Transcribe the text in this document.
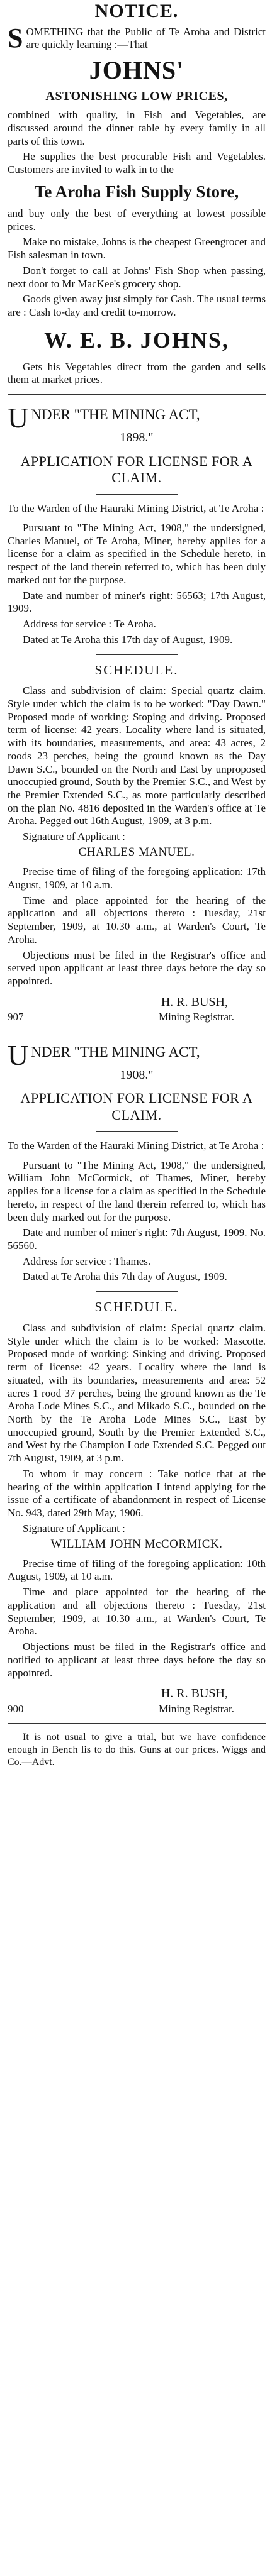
NOTICE.

SOMETHING that the Public of Te Aroha and District are quickly learning :—That

JOHNS'
ASTONISHING LOW PRICES,

combined with quality, in Fish and Vegetables, are discussed around the dinner table by every family in all parts of this town.

He supplies the best procurable Fish and Vegetables. Customers are invited to walk in to the

Te Aroha Fish Supply Store,

and buy only the best of everything at lowest possible prices.

Make no mistake, Johns is the cheapest Greengrocer and Fish salesman in town.

Don't forget to call at Johns' Fish Shop when passing, next door to Mr MacKee's grocery shop.

Goods given away just simply for Cash. The usual terms are : Cash to-day and credit to-morrow.

W. E. B. JOHNS,

Gets his Vegetables direct from the garden and sells them at market prices.

UNDER "THE MINING ACT,
1898."
APPLICATION FOR LICENSE FOR A CLAIM.

To the Warden of the Hauraki Mining District, at Te Aroha :

Pursuant to "The Mining Act, 1908," the undersigned, Charles Manuel, of Te Aroha, Miner, hereby applies for a license for a claim as specified in the Schedule hereto, in respect of the land therein referred to, which has been duly marked out for the purpose.

Date and number of miner's right: 56563; 17th August, 1909.

Address for service : Te Aroha.

Dated at Te Aroha this 17th day of August, 1909.

SCHEDULE.

Class and subdivision of claim: Special quartz claim. Style under which the claim is to be worked: "Day Dawn." Proposed mode of working: Stoping and driving. Proposed term of license: 42 years. Locality where land is situated, with its boundaries, measurements, and area: 43 acres, 2 roods 23 perches, being the ground known as the Day Dawn S.C., bounded on the North and East by unproposed unoccupied ground, South by the Premier S.C., and West by the Premier Extended S.C., as more particularly described on the plan No. 4816 deposited in the Warden's office at Te Aroha. Pegged out 16th August, 1909, at 3 p.m.

Signature of Applicant :

CHARLES MANUEL.

Precise time of filing of the foregoing application: 17th August, 1909, at 10 a.m.

Time and place appointed for the hearing of the application and all objections thereto : Tuesday, 21st September, 1909, at 10.30 a.m., at Warden's Court, Te Aroha.

Objections must be filed in the Registrar's office and served upon applicant at least three days before the day so appointed.

H. R. BUSH,
907	Mining Registrar.
UNDER "THE MINING ACT,
1908."
APPLICATION FOR LICENSE FOR A CLAIM.

To the Warden of the Hauraki Mining District, at Te Aroha :

Pursuant to "The Mining Act, 1908," the undersigned, William John McCormick, of Thames, Miner, hereby applies for a license for a claim as specified in the Schedule hereto, in respect of the land therein referred to, which has been duly marked out for the purpose.

Date and number of miner's right: 7th August, 1909. No. 56560.

Address for service : Thames.

Dated at Te Aroha this 7th day of August, 1909.

SCHEDULE.

Class and subdivision of claim: Special quartz claim. Style under which the claim is to be worked: Mascotte. Proposed mode of working: Sinking and driving. Proposed term of license: 42 years. Locality where the land is situated, with its boundaries, measurements and area: 52 acres 1 rood 37 perches, being the ground known as the Te Aroha Lode Mines S.C., and Mikado S.C., bounded on the North by the Te Aroha Lode Mines S.C., East by unoccupied ground, South by the Premier Extended S.C., and West by the Champion Lode Extended S.C. Pegged out 7th August, 1909, at 3 p.m.

To whom it may concern : Take notice that at the hearing of the within application I intend applying for the issue of a certificate of abandonment in respect of License No. 943, dated 29th May, 1906.

Signature of Applicant :

WILLIAM JOHN McCORMICK.

Precise time of filing of the foregoing application: 10th August, 1909, at 10 a.m.

Time and place appointed for the hearing of the application and all objections thereto : Tuesday, 21st September, 1909, at 10.30 a.m., at Warden's Court, Te Aroha.

Objections must be filed in the Registrar's office and notified to applicant at least three days before the day so appointed.

H. R. BUSH,
900	Mining Registrar.

It is not usual to give a trial, but we have confidence enough in Bench lis to do this. Guns at our prices. Wiggs and Co.—Advt.
